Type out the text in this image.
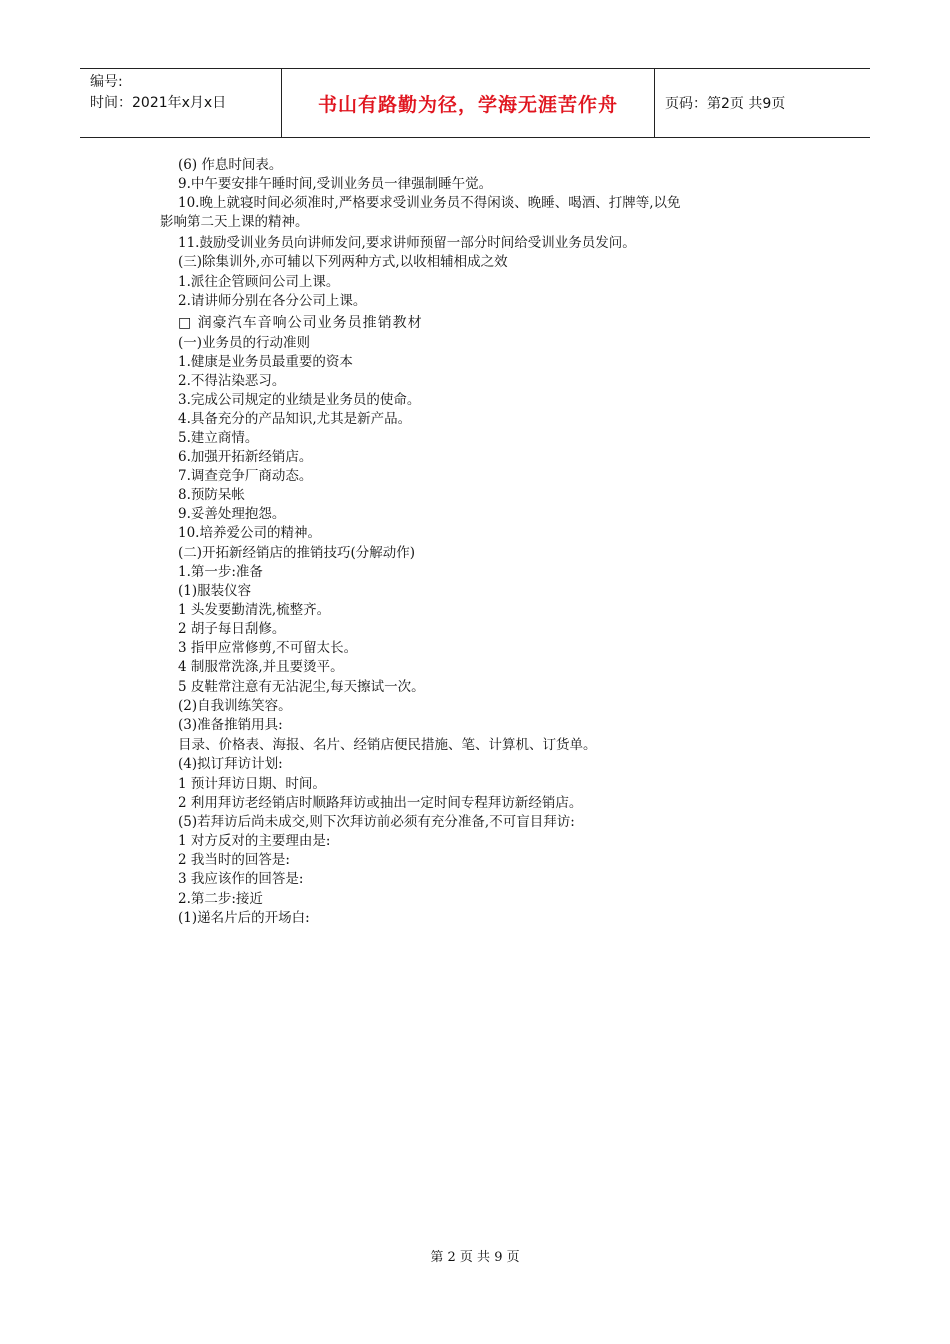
编号:
时间：2021年x月x日	书山有路勤为径，学海无涯苦作舟	页码：第2页 共9页
(6) 作息时间表。
9.中午要安排午睡时间,受训业务员一律强制睡午觉。
10.晚上就寝时间必须准时,严格要求受训业务员不得闲谈、晚睡、喝酒、打牌等,以免
影响第二天上课的精神。
11.鼓励受训业务员向讲师发问,要求讲师预留一部分时间给受训业务员发问。
(三)除集训外,亦可辅以下列两种方式,以收相辅相成之效
1.派往企管顾问公司上课。
2.请讲师分别在各分公司上课。
□ 润豪汽车音响公司业务员推销教材
(一)业务员的行动准则
1.健康是业务员最重要的资本
2.不得沾染恶习。
3.完成公司规定的业绩是业务员的使命。
4.具备充分的产品知识,尤其是新产品。
5.建立商情。
6.加强开拓新经销店。
7.调查竞争厂商动态。
8.预防呆帐
9.妥善处理抱怨。
10.培养爱公司的精神。
(二)开拓新经销店的推销技巧(分解动作)
1.第一步:准备
(1)服装仪容
1 头发要勤清洗,梳整齐。
2 胡子每日刮修。
3 指甲应常修剪,不可留太长。
4 制服常洗涤,并且要烫平。
5 皮鞋常注意有无沾泥尘,每天擦试一次。
(2)自我训练笑容。
(3)准备推销用具:
目录、价格表、海报、名片、经销店便民措施、笔、计算机、订货单。
(4)拟订拜访计划:
1 预计拜访日期、时间。
2 利用拜访老经销店时顺路拜访或抽出一定时间专程拜访新经销店。
(5)若拜访后尚未成交,则下次拜访前必须有充分准备,不可盲目拜访:
1 对方反对的主要理由是:
2 我当时的回答是:
3 我应该作的回答是:
2.第二步:接近
(1)递名片后的开场白:
第 2 页 共 9 页
